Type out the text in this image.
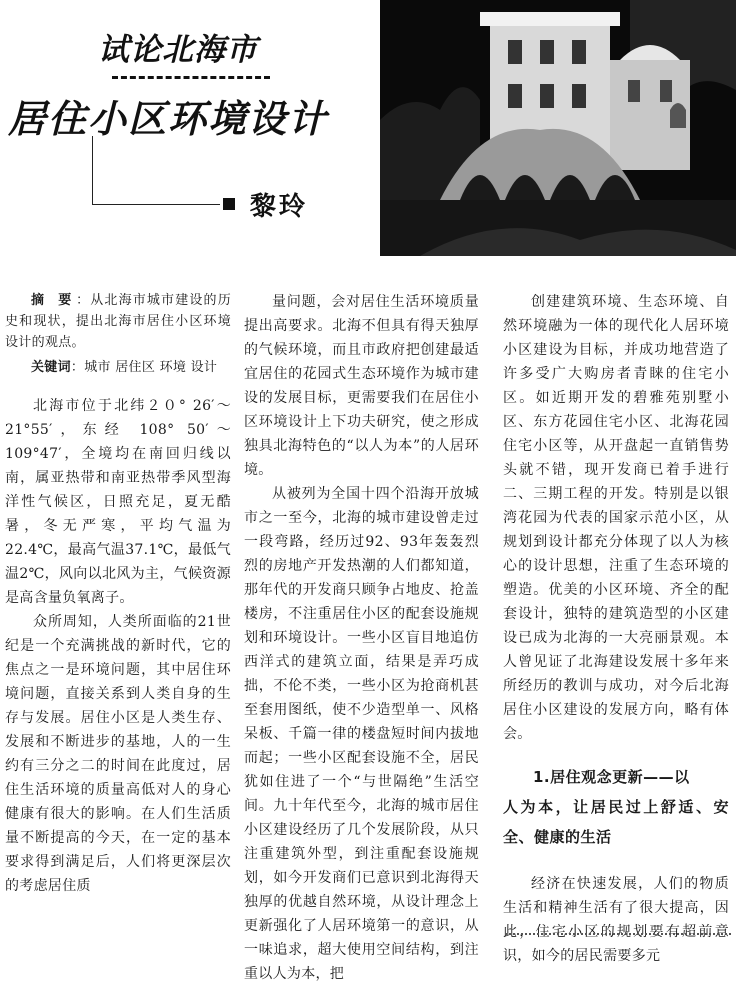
试论北海市
居住小区环境设计
黎玲

摘 要：从北海市城市建设的历史和现状，提出北海市居住小区环境设计的观点。

关键词：城市 居住区 环境 设计

北海市位于北纬２０° 26′～21°55′，东经 108° 50′～109°47′，全境均在南回归线以南，属亚热带和南亚热带季风型海洋性气候区，日照充足，夏无酷暑，冬无严寒，平均气温为22.4℃，最高气温37.1℃，最低气温2℃，风向以北风为主，气候资源是高含量负氧离子。

众所周知，人类所面临的21世纪是一个充满挑战的新时代，它的焦点之一是环境问题，其中居住环境问题，直接关系到人类自身的生存与发展。居住小区是人类生存、发展和不断进步的基地，人的一生约有三分之二的时间在此度过，居住生活环境的质量高低对人的身心健康有很大的影响。在人们生活质量不断提高的今天，在一定的基本要求得到满足后，人们将更深层次的考虑居住质

量问题，会对居住生活环境质量提出高要求。北海不但具有得天独厚的气候环境，而且市政府把创建最适宜居住的花园式生态环境作为城市建设的发展目标，更需要我们在居住小区环境设计上下功夫研究，使之形成独具北海特色的“以人为本”的人居环境。

从被列为全国十四个沿海开放城市之一至今，北海的城市建设曾走过一段弯路，经历过92、93年轰轰烈烈的房地产开发热潮的人们都知道，那年代的开发商只顾争占地皮、抢盖楼房，不注重居住小区的配套设施规划和环境设计。一些小区盲目地追仿西洋式的建筑立面，结果是弄巧成拙，不伦不类，一些小区为抢商机甚至套用图纸，使不少造型单一、风格呆板、千篇一律的楼盘短时间内拔地而起；一些小区配套设施不全，居民犹如住进了一个“与世隔绝”生活空间。九十年代至今，北海的城市居住小区建设经历了几个发展阶段，从只注重建筑外型，到注重配套设施规划，如今开发商们已意识到北海得天独厚的优越自然环境，从设计理念上更新强化了人居环境第一的意识，从一味追求，超大使用空间结构，到注重以人为本，把

创建建筑环境、生态环境、自然环境融为一体的现代化人居环境小区建设为目标，并成功地营造了许多受广大购房者青睐的住宅小区。如近期开发的碧雅苑别墅小区、东方花园住宅小区、北海花园住宅小区等，从开盘起一直销售势头就不错，现开发商已着手进行二、三期工程的开发。特别是以银湾花园为代表的国家示范小区，从规划到设计都充分体现了以人为核心的设计思想，注重了生态环境的塑造。优美的小区环境、齐全的配套设计，独特的建筑造型的小区建设已成为北海的一大亮丽景观。本人曾见证了北海建设发展十多年来所经历的教训与成功，对今后北海居住小区建设的发展方向，略有体会。

1.居住观念更新——以
人为本，让居民过上舒适、安全、健康的生活

经济在快速发展，人们的物质生活和精神生活有了很大提高，因此，住宅小区的规划要有超前意识，如今的居民需要多元
